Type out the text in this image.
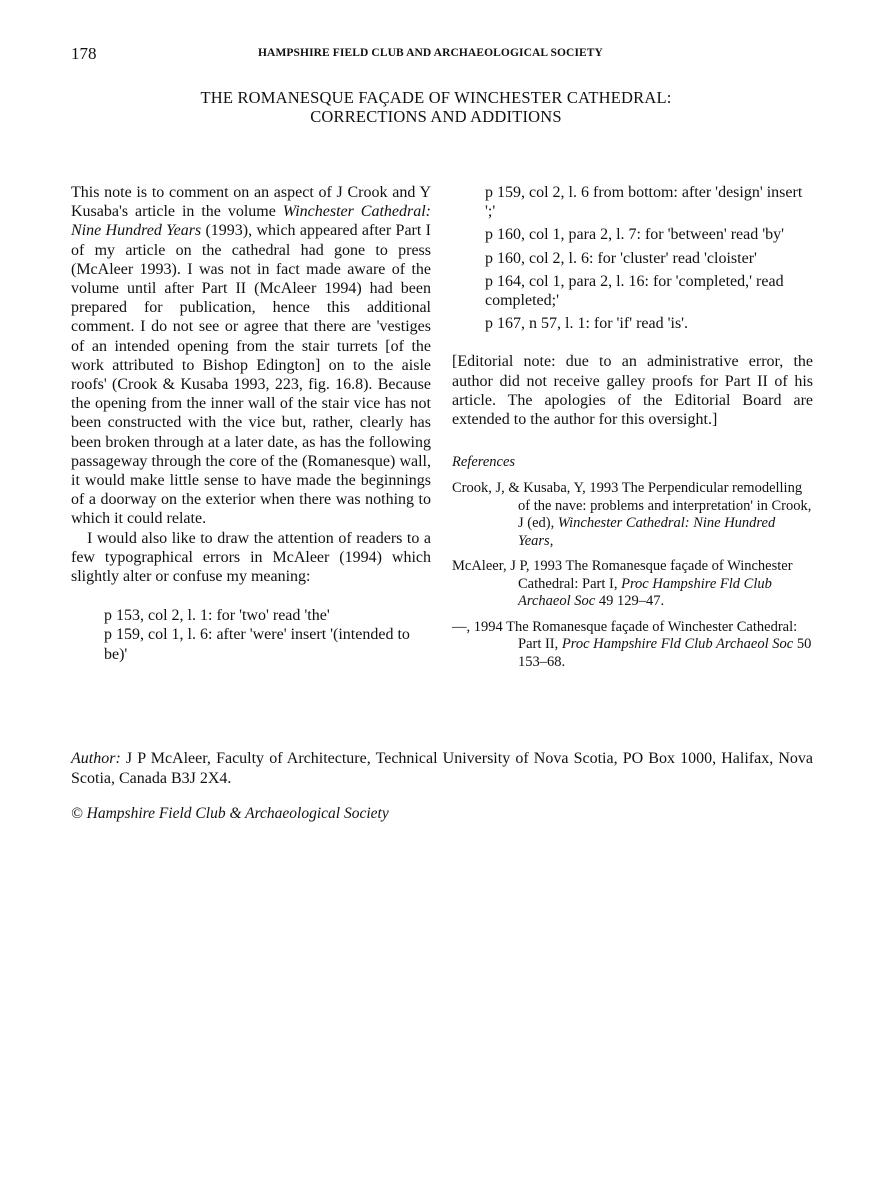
178	HAMPSHIRE FIELD CLUB AND ARCHAEOLOGICAL SOCIETY
THE ROMANESQUE FAÇADE OF WINCHESTER CATHEDRAL:
CORRECTIONS AND ADDITIONS

This note is to comment on an aspect of J Crook and Y Kusaba's article in the volume Winchester Cathedral: Nine Hundred Years (1993), which appeared after Part I of my article on the cathedral had gone to press (McAleer 1993). I was not in fact made aware of the volume until after Part II (McAleer 1994) had been prepared for publication, hence this additional comment. I do not see or agree that there are 'vestiges of an intended opening from the stair turrets [of the work attributed to Bishop Edington] on to the aisle roofs' (Crook & Kusaba 1993, 223, fig. 16.8). Because the opening from the inner wall of the stair vice has not been constructed with the vice but, rather, clearly has been broken through at a later date, as has the following passageway through the core of the (Romanesque) wall, it would make little sense to have made the beginnings of a doorway on the exterior when there was nothing to which it could relate.

I would also like to draw the attention of readers to a few typographical errors in McAleer (1994) which slightly alter or confuse my meaning:

p 153, col 2, l. 1: for 'two' read 'the'
p 159, col 1, l. 6: after 'were' insert '(intended to be)'
p 159, col 2, l. 6 from bottom: after 'design' insert ';'
p 160, col 1, para 2, l. 7: for 'between' read 'by'
p 160, col 2, l. 6: for 'cluster' read 'cloister'
p 164, col 1, para 2, l. 16: for 'completed,' read completed;'
p 167, n 57, l. 1: for 'if' read 'is'.

[Editorial note: due to an administrative error, the author did not receive galley proofs for Part II of his article. The apologies of the Editorial Board are extended to the author for this oversight.]

References
Crook, J, & Kusaba, Y, 1993 The Perpendicular remodelling of the nave: problems and interpretation' in Crook, J (ed), Winchester Cathedral: Nine Hundred Years,
McAleer, J P, 1993 The Romanesque façade of Winchester Cathedral: Part I, Proc Hampshire Fld Club Archaeol Soc 49 129–47.
—, 1994 The Romanesque façade of Winchester Cathedral: Part II, Proc Hampshire Fld Club Archaeol Soc 50 153–68.
Author: J P McAleer, Faculty of Architecture, Technical University of Nova Scotia, PO Box 1000, Halifax, Nova Scotia, Canada B3J 2X4.
© Hampshire Field Club & Archaeological Society
